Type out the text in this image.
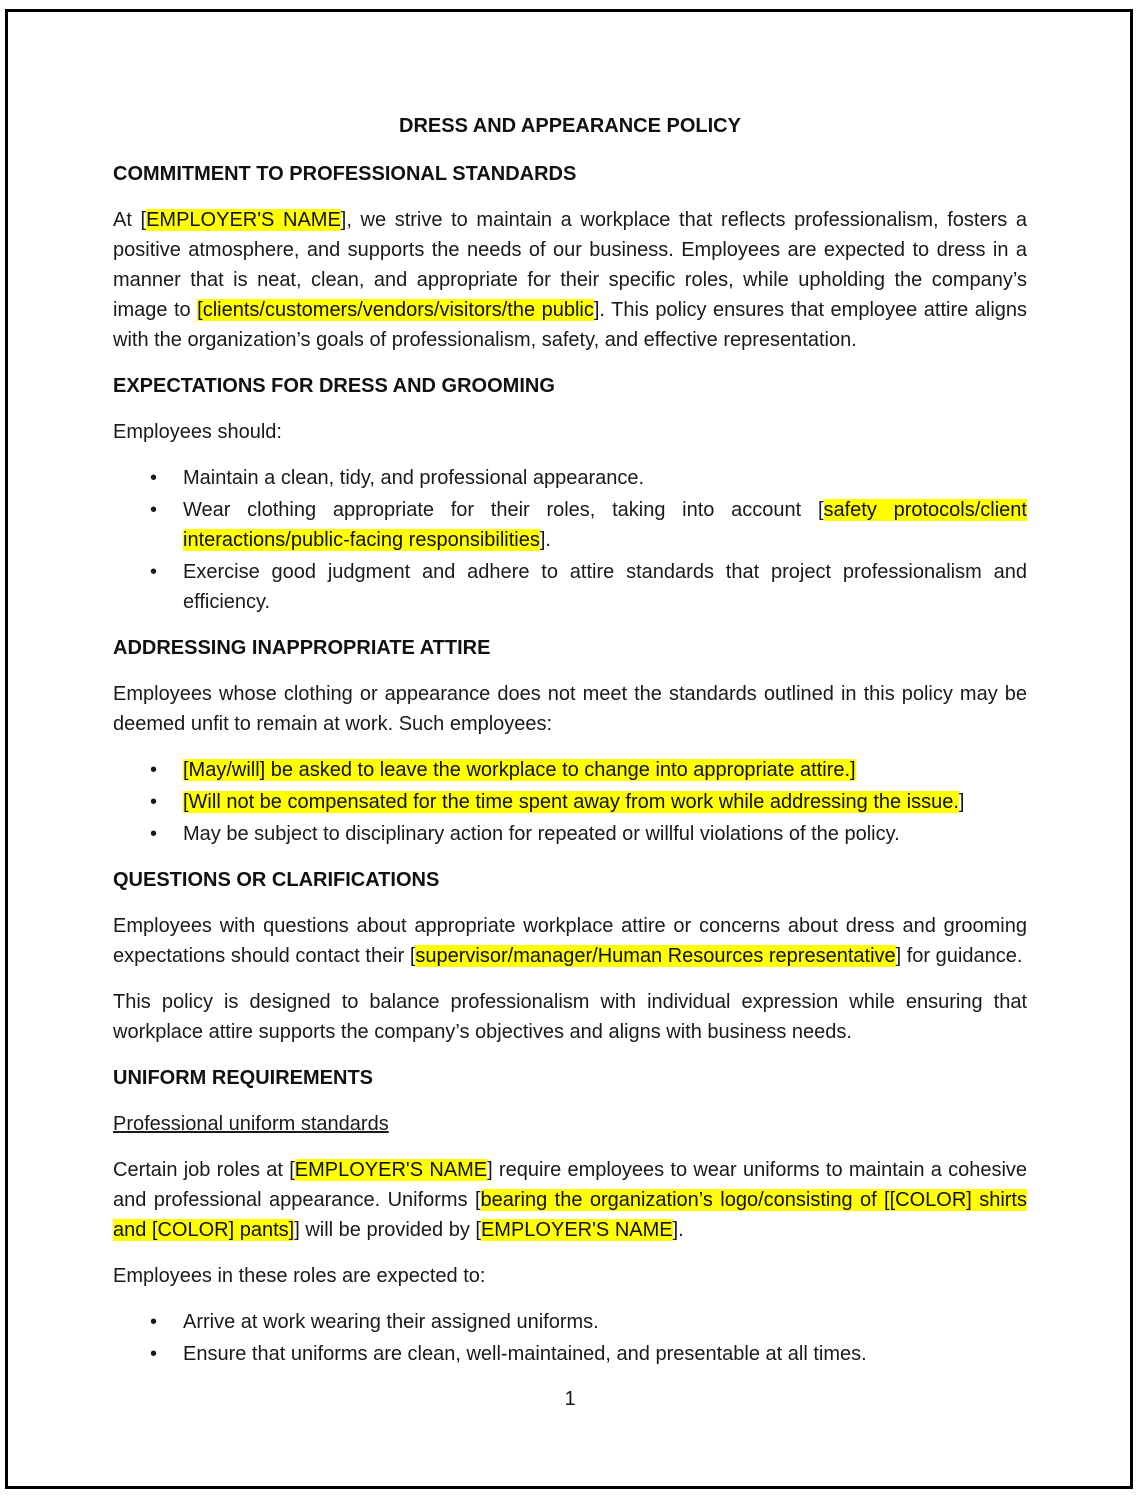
DRESS AND APPEARANCE POLICY
COMMITMENT TO PROFESSIONAL STANDARDS

At [EMPLOYER'S NAME], we strive to maintain a workplace that reflects professionalism, fosters a positive atmosphere, and supports the needs of our business. Employees are expected to dress in a manner that is neat, clean, and appropriate for their specific roles, while upholding the company’s image to [clients/customers/vendors/visitors/the public]. This policy ensures that employee attire aligns with the organization’s goals of professionalism, safety, and effective representation.

EXPECTATIONS FOR DRESS AND GROOMING

Employees should:

•	Maintain a clean, tidy, and professional appearance.
•	Wear clothing appropriate for their roles, taking into account [safety protocols/client interactions/public-facing responsibilities].
•	Exercise good judgment and adhere to attire standards that project professionalism and efficiency.
ADDRESSING INAPPROPRIATE ATTIRE

Employees whose clothing or appearance does not meet the standards outlined in this policy may be deemed unfit to remain at work. Such employees:

•	[May/will] be asked to leave the workplace to change into appropriate attire.]
•	[Will not be compensated for the time spent away from work while addressing the issue.]
•	May be subject to disciplinary action for repeated or willful violations of the policy.
QUESTIONS OR CLARIFICATIONS

Employees with questions about appropriate workplace attire or concerns about dress and grooming expectations should contact their [supervisor/manager/Human Resources representative] for guidance.

This policy is designed to balance professionalism with individual expression while ensuring that workplace attire supports the company’s objectives and aligns with business needs.

UNIFORM REQUIREMENTS

Professional uniform standards

Certain job roles at [EMPLOYER'S NAME] require employees to wear uniforms to maintain a cohesive and professional appearance. Uniforms [bearing the organization’s logo/consisting of [[COLOR] shirts and [COLOR] pants]] will be provided by [EMPLOYER'S NAME].

Employees in these roles are expected to:

•	Arrive at work wearing their assigned uniforms.
•	Ensure that uniforms are clean, well-maintained, and presentable at all times.
1
